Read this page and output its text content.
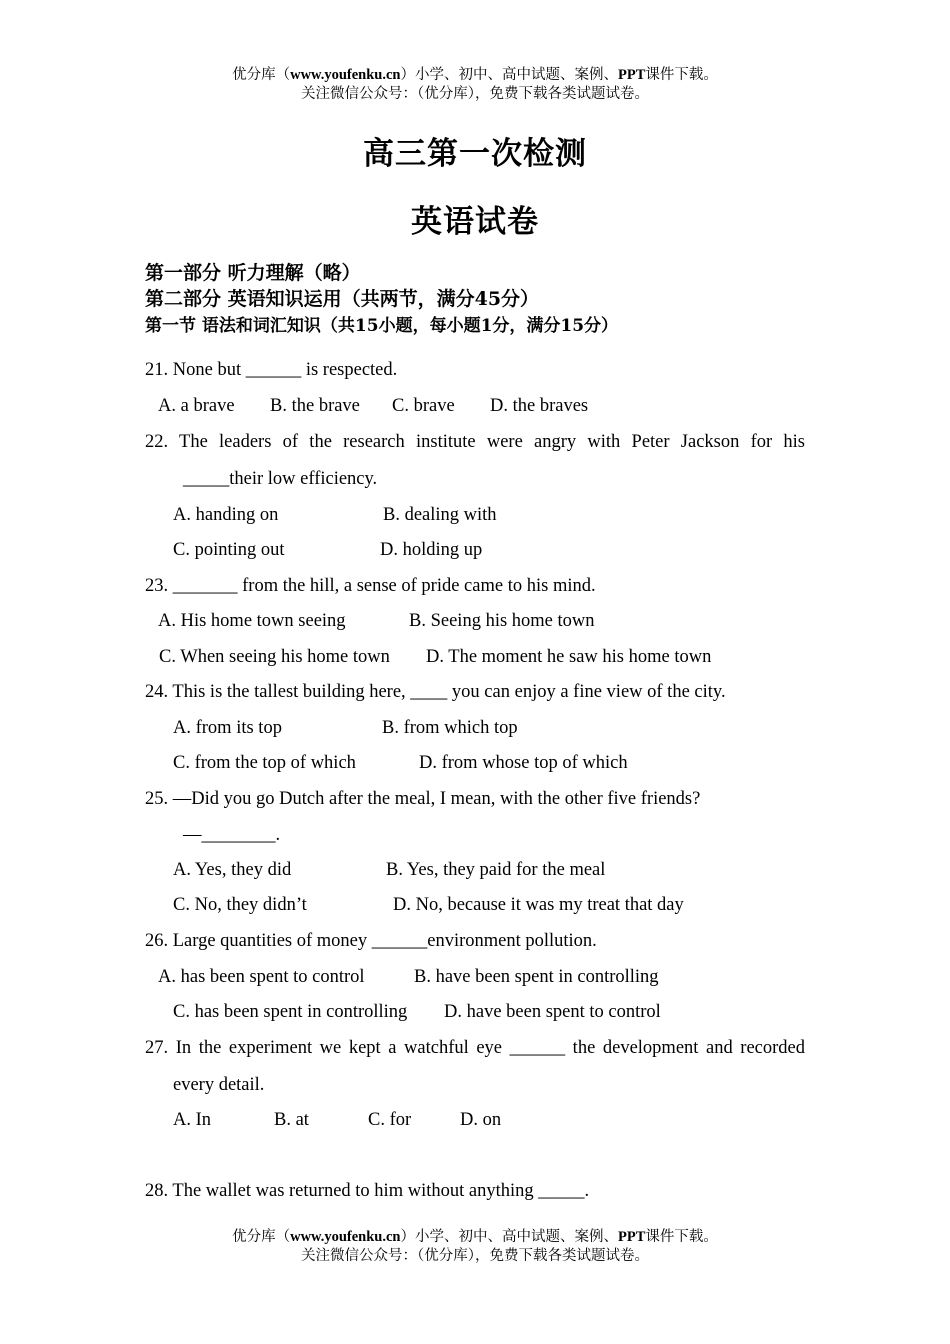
优分库（www.youfenku.cn）小学、初中、高中试题、案例、PPT课件下载。
关注微信公众号：（优分库），免费下载各类试题试卷。
高三第一次检测
英语试卷
第一部分 听力理解（略）
第二部分 英语知识运用（共两节，满分45分）
第一节 语法和词汇知识（共15小题，每小题1分，满分15分）
21. None but ______ is respected.
A. a brave B. the brave C. brave D. the braves
22. The leaders of the research institute were angry with Peter Jackson for his
_____their low efficiency.
A. handing on	B. dealing with
C. pointing out	D. holding up
23. _______ from the hill, a sense of pride came to his mind.
A. His home town seeing	B. Seeing his home town
C. When seeing his home town D. The moment he saw his home town
24. This is the tallest building here, ____ you can enjoy a fine view of the city.
A. from its top	B. from which top
C. from the top of which	D. from whose top of which
25. —Did you go Dutch after the meal, I mean, with the other five friends?
—________.
A. Yes, they did	B. Yes, they paid for the meal
C. No, they didn’t	D. No, because it was my treat that day
26. Large quantities of money ______environment pollution.
A. has been spent to control	B. have been spent in controlling
C. has been spent in controlling D. have been spent to control
27. In the experiment we kept a watchful eye ______ the development and recorded
every detail.
A. In	B. at	C. for	D. on
28. The wallet was returned to him without anything _____.
优分库（www.youfenku.cn）小学、初中、高中试题、案例、PPT课件下载。
关注微信公众号：（优分库），免费下载各类试题试卷。
